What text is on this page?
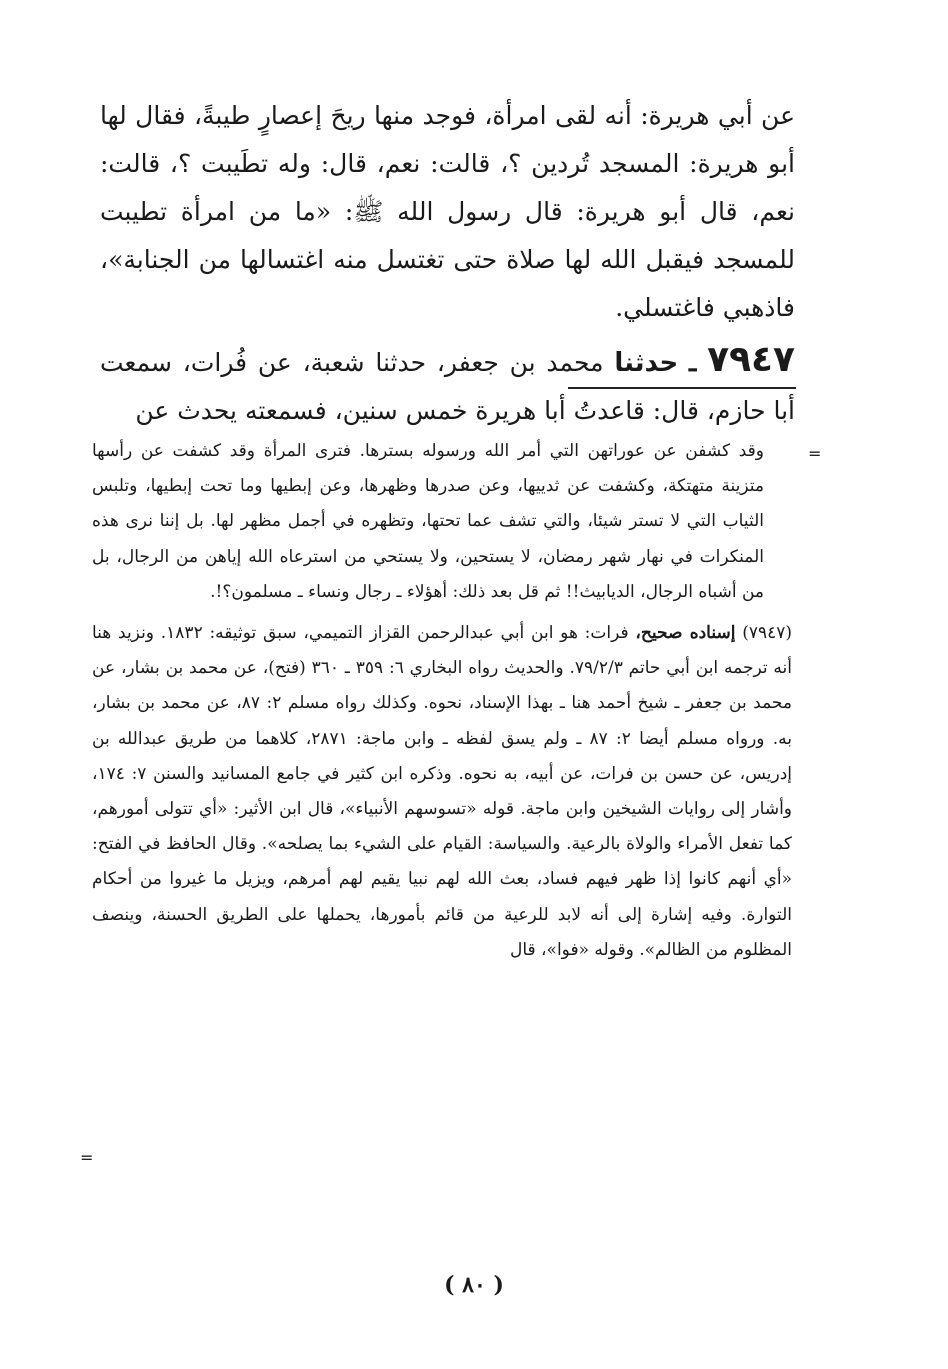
عن أبي هريرة: أنه لقى امرأة، فوجد منها ريحَ إعصارٍ طيبةً، فقال لها أبو هريرة: المسجد تُردين ؟، قالت: نعم، قال: وله تطَيبت ؟، قالت: نعم، قال أبو هريرة: قال رسول الله ﷺ: «ما من امرأة تطيبت للمسجد فيقبل الله لها صلاة حتى تغتسل منه اغتسالها من الجنابة»، فاذهبي فاغتسلي.

٧٩٤٧ ـ حدثنا محمد بن جعفر، حدثنا شعبة، عن فُرات، سمعت أبا حازم، قال: قاعدتُ أبا هريرة خمس سنين، فسمعته يحدث عن

=

وقد كشفن عن عوراتهن التي أمر الله ورسوله بسترها. فترى المرأة وقد كشفت عن رأسها متزينة متهتكة، وكشفت عن ثدييها، وعن صدرها وظهرها، وعن إبطيها وما تحت إبطيها، وتلبس الثياب التي لا تستر شيئا، والتي تشف عما تحتها، وتظهره في أجمل مظهر لها. بل إننا نرى هذه المنكرات في نهار شهر رمضان، لا يستحين، ولا يستحي من استرعاه الله إياهن من الرجال، بل من أشباه الرجال، الديابيث!! ثم قل بعد ذلك: أهؤلاء ـ رجال ونساء ـ مسلمون؟!.

(٧٩٤٧) إسناده صحيح، فرات: هو ابن أبي عبدالرحمن القزاز التميمي، سبق توثيقه: ١٨٣٢. ونزيد هنا أنه ترجمه ابن أبي حاتم ٧٩/٢/٣. والحديث رواه البخاري ٦: ٣٥٩ ـ ٣٦٠ (فتح)، عن محمد بن بشار، عن محمد بن جعفر ـ شيخ أحمد هنا ـ بهذا الإسناد، نحوه. وكذلك رواه مسلم ٢: ٨٧، عن محمد بن بشار، به. ورواه مسلم أيضا ٢: ٨٧ ـ ولم يسق لفظه ـ وابن ماجة: ٢٨٧١، كلاهما من طريق عبدالله بن إدريس، عن حسن بن فرات، عن أبيه، به نحوه. وذكره ابن كثير في جامع المسانيد والسنن ٧: ١٧٤، وأشار إلى روايات الشيخين وابن ماجة. قوله «تسوسهم الأنبياء»، قال ابن الأثير: «أي تتولى أمورهم، كما تفعل الأمراء والولاة بالرعية. والسياسة: القيام على الشيء بما يصلحه». وقال الحافظ في الفتح: «أي أنهم كانوا إذا ظهر فيهم فساد، بعث الله لهم نبيا يقيم لهم أمرهم، ويزيل ما غيروا من أحكام التوارة. وفيه إشارة إلى أنه لابد للرعية من قائم بأمورها، يحملها على الطريق الحسنة، وينصف المظلوم من الظالم». وقوله «فوا»، قال

=
( ٨٠ )
